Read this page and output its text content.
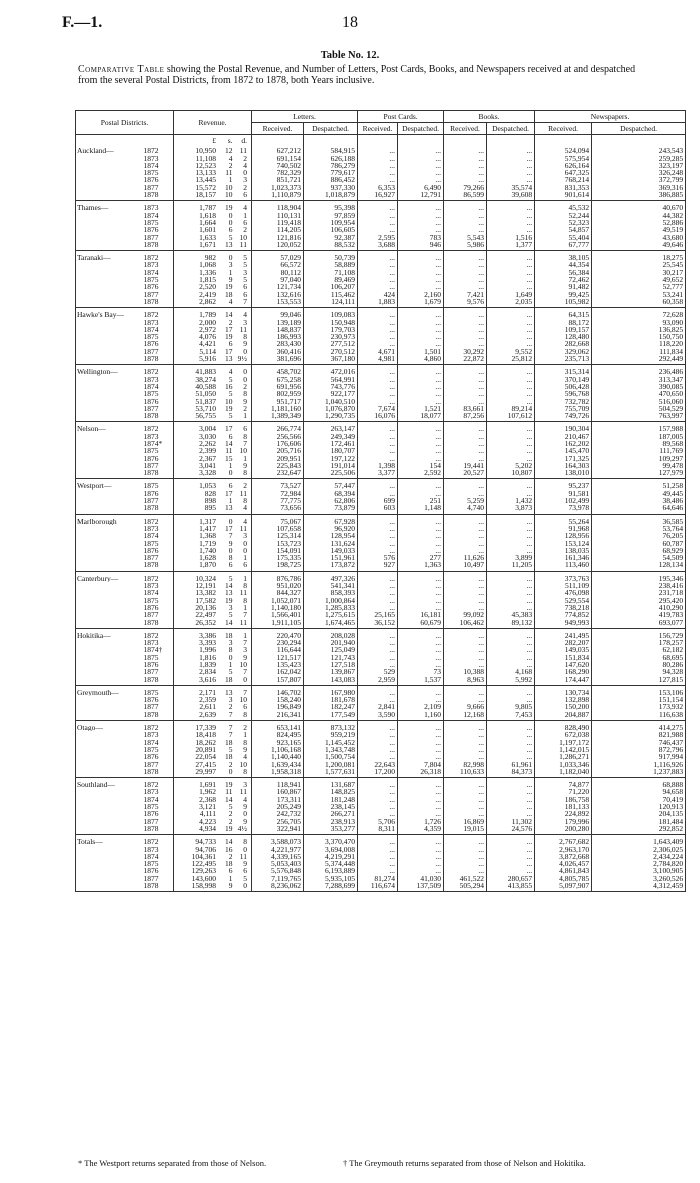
F.—1.	18
Table No. 12.
Comparative Table showing the Postal Revenue, and Number of Letters, Post Cards, Books, and Newspapers received at and despatched from the several Postal Districts, from 1872 to 1878, both Years inclusive.
Postal Districts.		Revenue.	Letters.		Post Cards.		Books.		Newspapers.	
			Received.	Despatched.	Received.	Despatched.	Received.	Despatched.	Received.	Despatched.

		£ s. d.								

Auckland—	1872	10,950 12 11	627,212	584,915	...	...	...	...	524,094	243,543
	1873	11,108 4 2	691,154	626,188	...	...	...	...	575,954	259,285
	1874	12,523 2 4	740,502	786,279	...	...	...	...	626,164	323,197
	1875	13,133 11 0	782,329	779,617	...	...	...	...	647,325	326,248
	1876	13,445 1 3	851,721	886,452	...	...	...	...	768,214	372,799
	1877	15,572 10 2	1,023,373	937,330	6,353	6,490	79,266	35,574	831,353	369,316
	1878	18,157 10 6	1,110,879	1,018,879	16,927	12,791	86,599	39,608	901,614	386,885
Thames—	1873	1,787 19 4	118,904	95,398	...	...	...	...	45,532	40,670
	1874	1,618 0 1	110,131	97,859	...	...	...	...	52,244	44,382
	1875	1,664 0 6	119,418	109,954	...	...	...	...	52,323	52,886
	1876	1,601 6 2	114,205	106,605	...	...	...	...	54,857	49,519
	1877	1,633 5 10	121,816	92,387	2,595	783	5,543	1,516	55,404	43,680
	1878	1,671 13 11	120,052	88,532	3,688	946	5,986	1,377	67,777	49,646
Taranaki—	1872	982 0 5	57,029	50,739	...	...	...	...	38,105	18,275
	1873	1,068 3 5	66,572	58,889	...	...	...	...	44,354	25,545
	1874	1,336 1 3	80,112	71,108	...	...	...	...	56,384	30,217
	1875	1,815 9 5	97,040	89,469	...	...	...	...	72,462	49,652
	1876	2,520 19 6	121,734	106,207	...	...	...	...	91,482	52,777
	1877	2,419 18 6	132,616	115,462	424	2,160	7,421	1,649	99,425	53,241
	1878	2,862 4 7	153,553	124,111	1,883	1,679	9,576	2,035	105,982	60,358
Hawke's Bay—	1872	1,789 14 4	99,046	109,083	...	...	...	...	64,315	72,628
	1873	2,000 2 3	139,189	150,948	...	...	...	...	88,172	93,090
	1874	2,972 17 11	148,837	179,703	...	...	...	...	109,157	136,825
	1875	4,076 19 8	186,993	230,973	...	...	...	...	128,480	150,750
	1876	4,421 6 9	283,430	277,512	...	...	...	...	282,668	118,220
	1877	5,114 17 0	360,416	270,512	4,671	1,501	30,292	9,552	329,062	111,834
	1878	5,916 13 9½	381,696	367,180	4,981	4,860	22,872	25,812	235,713	292,449
Wellington—	1872	41,883 4 0	458,702	472,016	...	...	...	...	315,314	236,486
	1873	38,274 5 0	675,258	564,991	...	...	...	...	370,149	313,347
	1874	40,588 16 2	691,956	743,776	...	...	...	...	506,428	390,085
	1875	51,050 5 8	802,959	922,177	...	...	...	...	596,768	470,650
	1876	51,837 10 9	951,717	1,040,510	...	...	...	...	732,782	516,060
	1877	53,710 19 2	1,181,160	1,076,870	7,674	1,521	83,661	89,214	755,709	504,529
	1878	56,755 5 1	1,389,349	1,290,735	16,076	18,077	87,256	107,612	749,726	763,997
Nelson—	1872	3,004 17 6	266,774	263,147	...	...	...	...	190,304	157,988
	1873	3,030 6 8	256,566	249,349	...	...	...	...	210,467	187,005
	1874*	2,262 14 7	176,606	172,461	...	...	...	...	162,202	89,568
	1875	2,399 11 10	205,716	180,707	...	...	...	...	145,470	111,769
	1876	2,367 15 1	209,951	197,122	...	...	...	...	171,325	109,297
	1877	3,041 1 9	225,843	191,014	1,398	154	19,441	5,202	164,303	99,478
	1878	3,328 0 8	232,647	225,506	3,377	2,592	20,527	10,807	138,010	127,979
Westport—	1875	1,053 6 2	73,527	57,447	...	...	...	...	95,237	51,258
	1876	828 17 11	72,984	68,394	...	...	...	...	91,581	49,445
	1877	898 1 8	77,775	62,806	699	251	5,259	1,432	102,499	38,486
	1878	895 13 4	73,656	73,879	603	1,148	4,740	3,873	73,978	64,646
Marlborough	1872	1,317 0 4	75,067	67,928	...	...	...	...	55,264	36,585
	1873	1,417 17 11	107,658	96,920	...	...	...	...	91,968	53,764
	1874	1,368 7 3	125,314	128,954	...	...	...	...	128,956	76,205
	1875	1,719 9 0	153,723	131,624	...	...	...	...	153,124	60,787
	1876	1,740 0 0	154,091	149,033	...	...	...	...	138,035	68,929
	1877	1,628 8 1	175,335	151,961	576	277	11,626	3,899	161,346	54,509
	1878	1,870 6 6	198,725	173,872	927	1,363	10,497	11,205	113,460	128,134
Canterbury—	1872	10,324 5 1	876,786	497,326	...	...	...	...	373,763	195,346
	1873	12,191 14 8	951,020	541,341	...	...	...	...	511,109	238,416
	1874	13,382 13 11	844,327	858,393	...	...	...	...	476,098	231,718
	1875	17,582 19 8	1,052,071	1,000,864	...	...	...	...	529,554	295,420
	1876	20,136 3 1	1,140,180	1,285,833	...	...	...	...	738,218	410,290
	1877	22,497 5 7	1,566,401	1,275,615	25,165	16,181	99,092	45,383	774,852	419,783
	1878	26,352 14 11	1,911,105	1,674,465	36,152	60,679	106,462	89,132	949,993	693,077
Hokitika—	1872	3,386 18 1	220,470	208,028	...	...	...	...	241,495	156,729
	1873	3,393 3 7	230,294	201,940	...	...	...	...	282,207	178,257
	1874†	1,996 8 3	116,644	125,049	...	...	...	...	149,035	62,182
	1875	1,816 0 9	121,517	121,743	...	...	...	...	151,834	68,695
	1876	1,839 1 10	135,423	127,518	...	...	...	...	147,620	80,286
	1877	2,834 5 7	162,042	139,867	529	73	10,388	4,168	168,290	94,328
	1878	3,616 18 0	157,807	143,083	2,959	1,537	8,963	5,992	174,447	127,815
Greymouth—	1875	2,171 13 7	146,702	167,980	...	...	...	...	130,734	153,106
	1876	2,359 3 10	158,240	181,678	...	...	...	...	132,898	151,154
	1877	2,611 2 6	196,849	182,247	2,841	2,109	9,666	9,805	150,200	173,932
	1878	2,639 7 8	216,341	177,549	3,590	1,160	12,168	7,453	204,887	116,638
Otago—	1872	17,339 7 2	653,141	873,132	...	...	...	...	828,490	414,275
	1873	18,418 7 1	824,495	959,219	...	...	...	...	672,038	821,988
	1874	18,262 18 8	923,165	1,145,452	...	...	...	...	1,197,172	746,437
	1875	20,891 5 9	1,106,168	1,343,748	...	...	...	...	1,142,015	872,796
	1876	22,054 18 4	1,140,440	1,500,754	...	...	...	...	1,286,271	917,994
	1877	27,415 2 10	1,639,434	1,200,081	22,643	7,804	82,998	61,961	1,033,346	1,116,926
	1878	29,997 0 8	1,958,318	1,577,631	17,200	26,318	110,633	84,373	1,182,040	1,237,883
Southland—	1872	1,691 19 3	118,941	131,687	...	...	...	...	74,877	68,888
	1873	1,962 11 11	160,867	148,825	...	...	...	...	71,220	94,658
	1874	2,368 14 4	173,311	181,248	...	...	...	...	186,758	70,419
	1875	3,121 5 9	205,249	238,145	...	...	...	...	181,133	120,913
	1876	4,111 2 0	242,732	266,271	...	...	...	...	224,892	204,135
	1877	4,223 2 9	256,705	238,913	5,706	1,726	16,869	11,302	179,996	181,484
	1878	4,934 19 4½	322,941	353,277	8,311	4,359	19,015	24,576	200,280	292,852
Totals—	1872	94,733 14 8	3,588,073	3,370,470	...	...	...	...	2,767,682	1,643,409
	1873	94,706 16 0	4,221,977	3,694,008	...	...	...	...	2,963,170	2,306,025
	1874	104,361 2 11	4,339,165	4,219,291	...	...	...	...	3,872,668	2,434,224
	1875	122,495 18 9	5,053,403	5,374,448	...	...	...	...	4,026,457	2,784,820
	1876	129,263 6 6	5,576,848	6,193,889	...	...	...	...	4,861,843	3,100,905
	1877	143,600 1 5	7,119,765	5,935,105	81,274	41,030	461,522	280,657	4,805,785	3,260,526
	1878	158,998 9 0	8,236,062	7,288,699	116,674	137,509	505,294	413,855	5,097,907	4,312,459
* The Westport returns separated from those of Nelson.	† The Greymouth returns separated from those of Nelson and Hokitika.
